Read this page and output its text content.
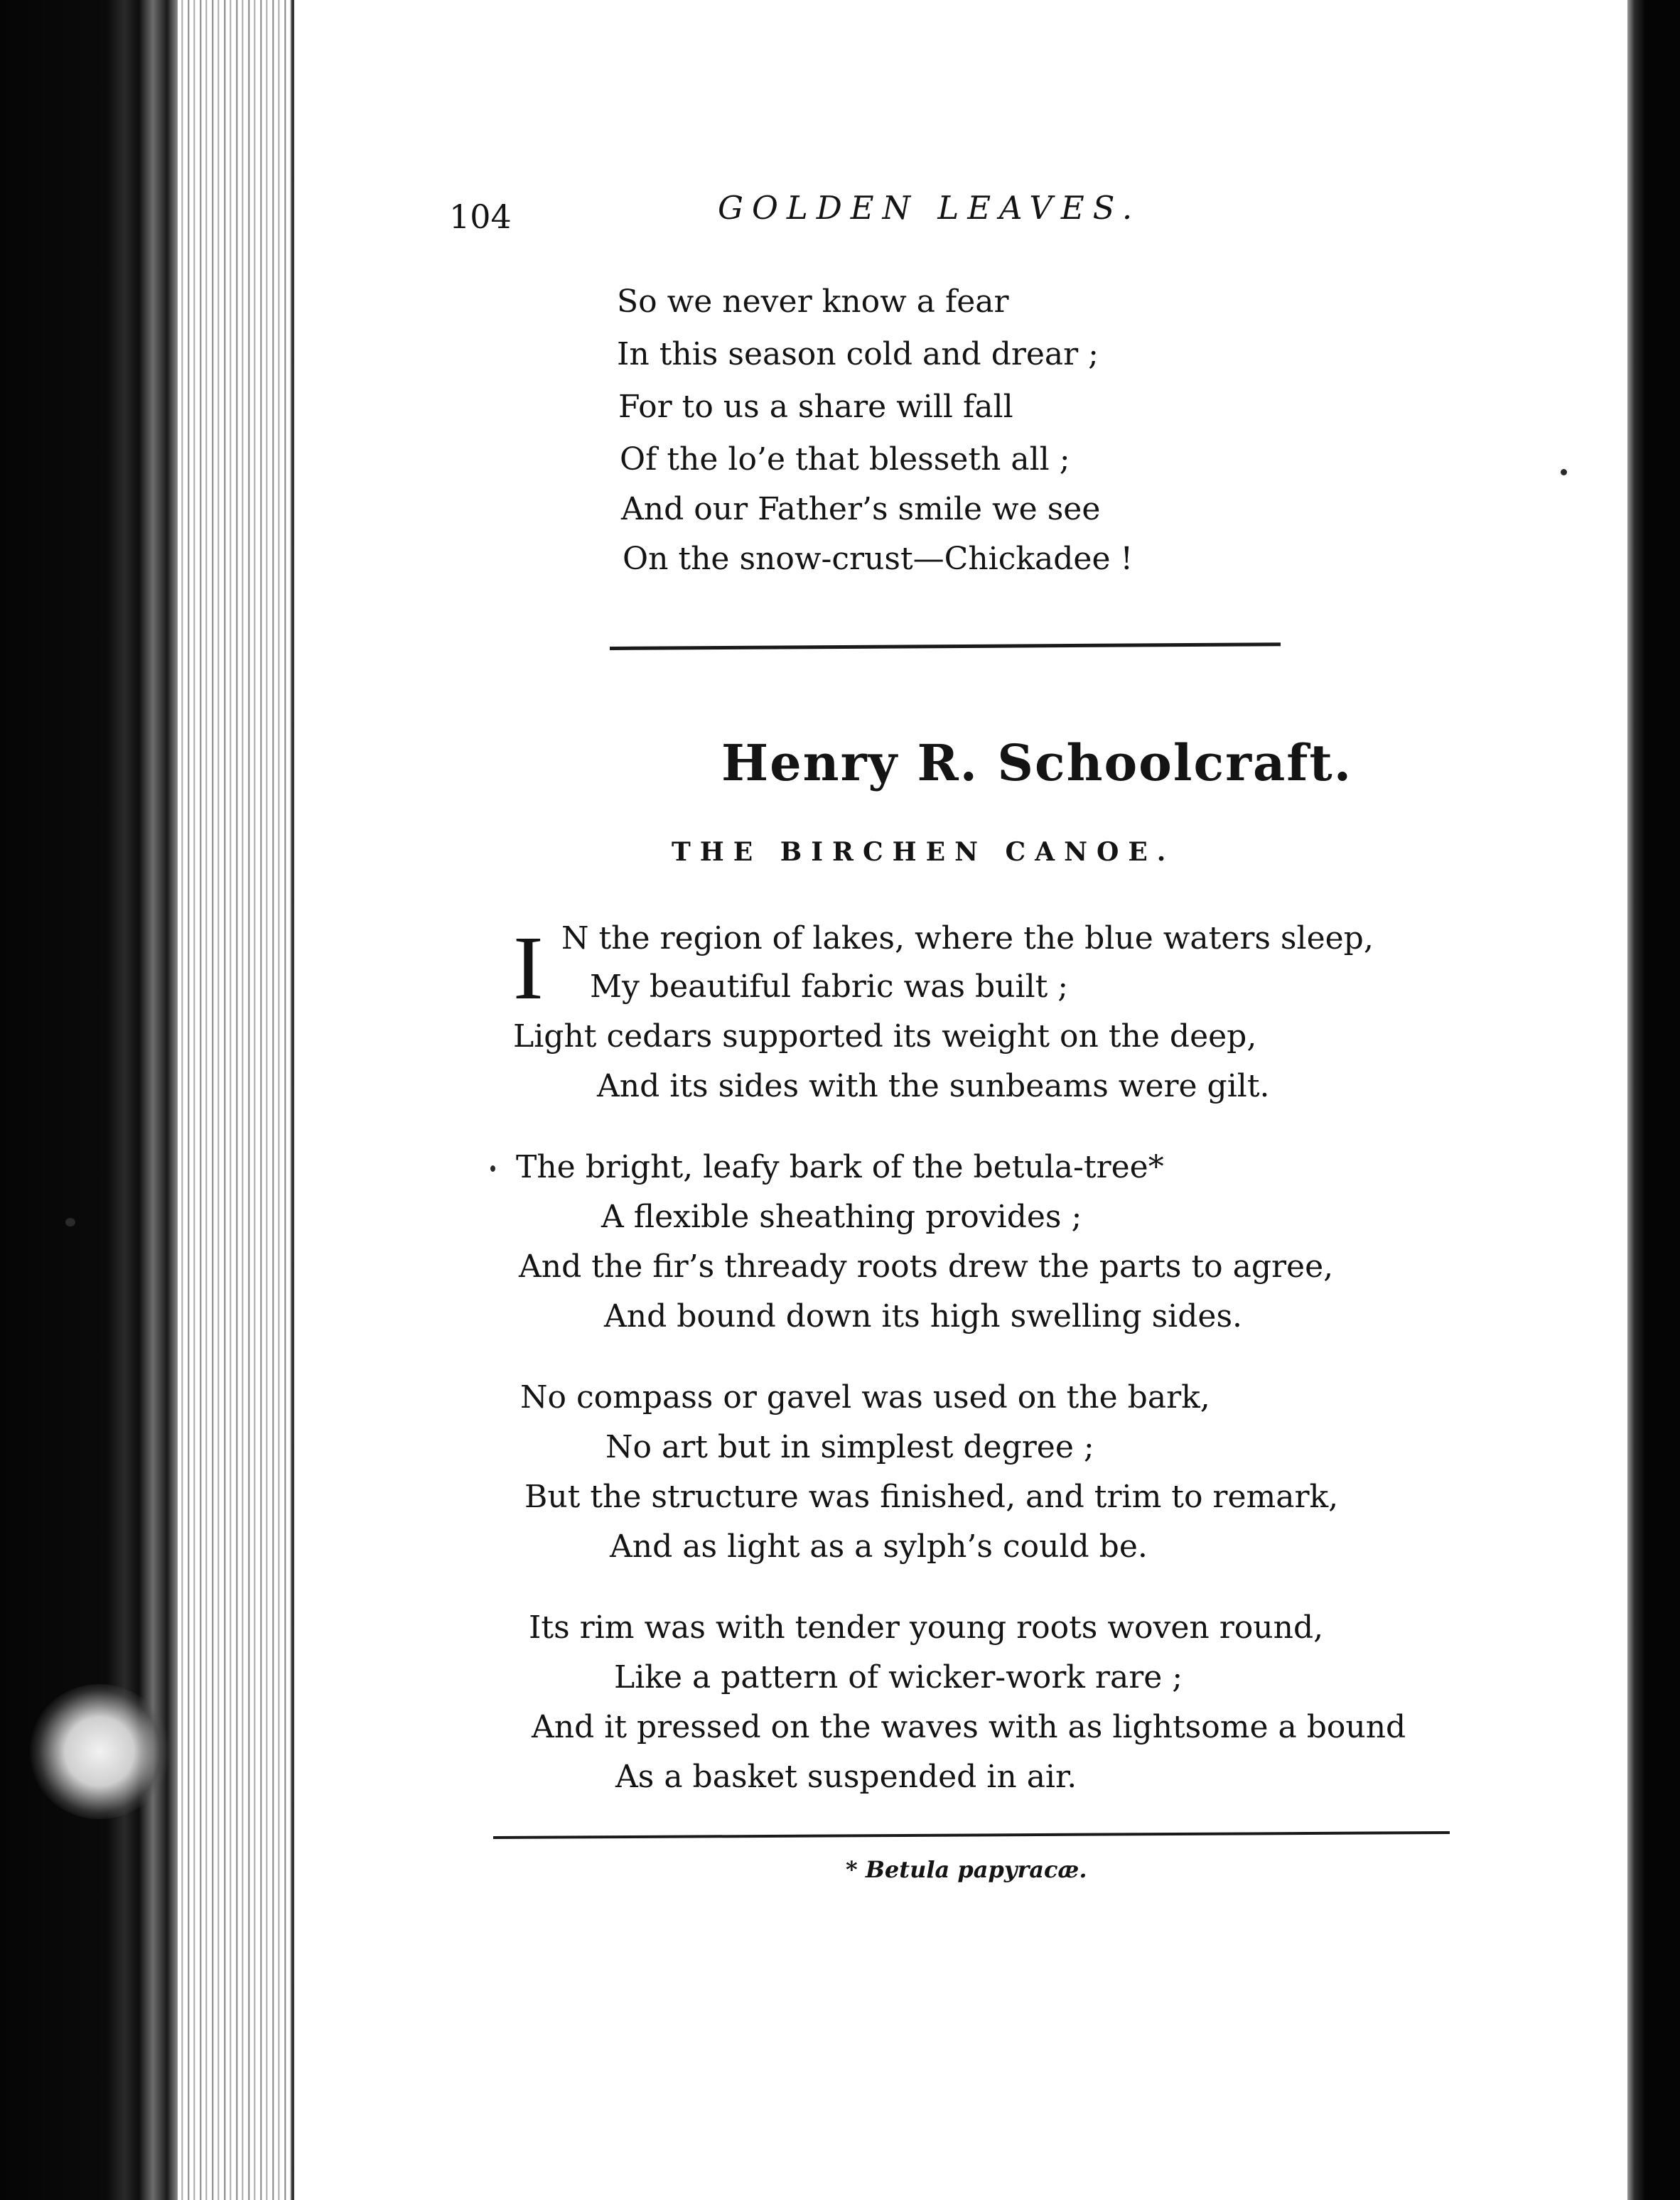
104	GOLDEN LEAVES.
So we never know a fear
In this season cold and drear ;
For to us a share will fall
Of the lo’e that blesseth all ;
And our Father’s smile we see
On the snow-crust—Chickadee !
Henry R. Schoolcraft.
THE BIRCHEN CANOE.
I N the region of lakes, where the blue waters sleep,
My beautiful fabric was built ;
Light cedars supported its weight on the deep,
And its sides with the sunbeams were gilt.
The bright, leafy bark of the betula-tree*
A flexible sheathing provides ;
And the fir’s thready roots drew the parts to agree,
And bound down its high swelling sides.
No compass or gavel was used on the bark,
No art but in simplest degree ;
But the structure was finished, and trim to remark,
And as light as a sylph’s could be.
Its rim was with tender young roots woven round,
Like a pattern of wicker-work rare ;
And it pressed on the waves with as lightsome a bound
As a basket suspended in air.
* Betula papyracæ.
